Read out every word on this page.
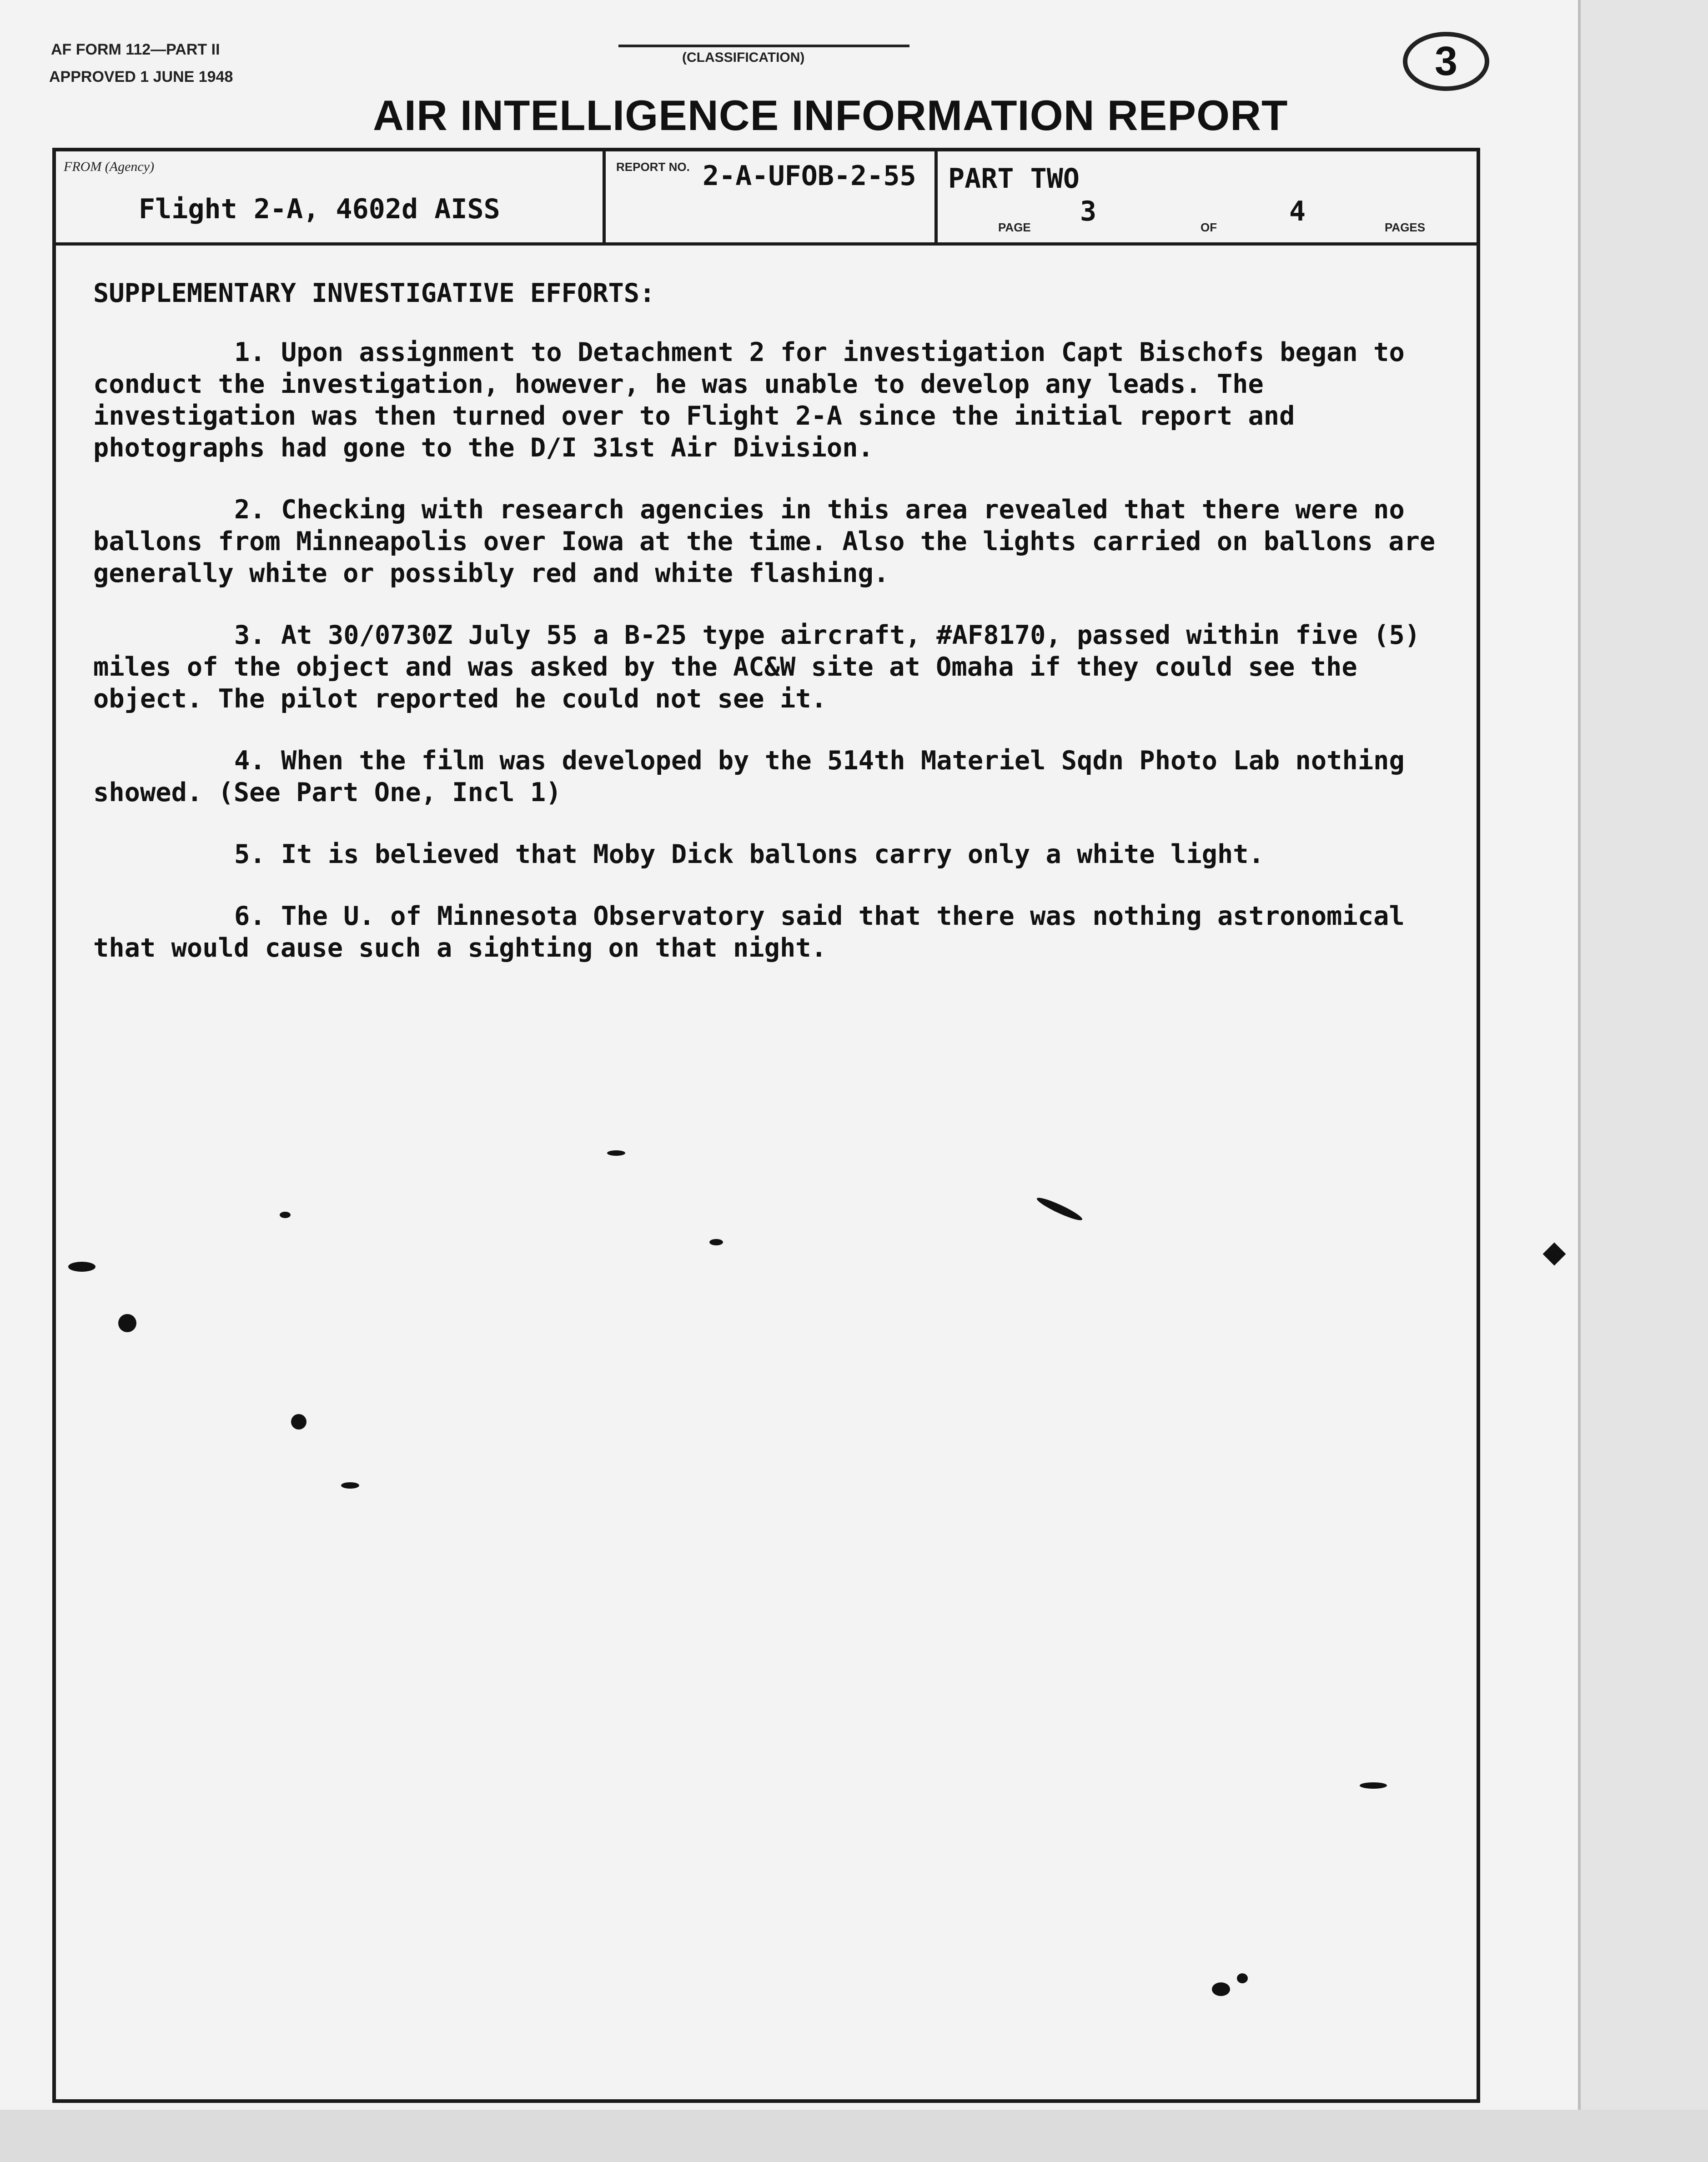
AF FORM 112—PART II
APPROVED 1 JUNE 1948
(CLASSIFICATION)	3
AIR INTELLIGENCE INFORMATION REPORT
FROM (Agency)
Flight 2-A, 4602d AISS
REPORT NO. 2-A-UFOB-2-55 PART TWO
PAGE 3	OF	4	PAGES
SUPPLEMENTARY INVESTIGATIVE EFFORTS:
1. Upon assignment to Detachment 2 for investigation Capt Bischofs began to conduct the investigation, however, he was unable to develop any leads. The investigation was then turned over to Flight 2-A since the initial report and photographs had gone to the D/I 31st Air Division.
2. Checking with research agencies in this area revealed that there were no ballons from Minneapolis over Iowa at the time. Also the lights carried on ballons are generally white or possibly red and white flashing.
3. At 30/0730Z July 55 a B-25 type aircraft, #AF8170, passed within five (5) miles of the object and was asked by the AC&W site at Omaha if they could see the object. The pilot reported he could not see it.
4. When the film was developed by the 514th Materiel Sqdn Photo Lab nothing showed. (See Part One, Incl 1)
5. It is believed that Moby Dick ballons carry only a white light.
6. The U. of Minnesota Observatory said that there was nothing astronomical that would cause such a sighting on that night.
